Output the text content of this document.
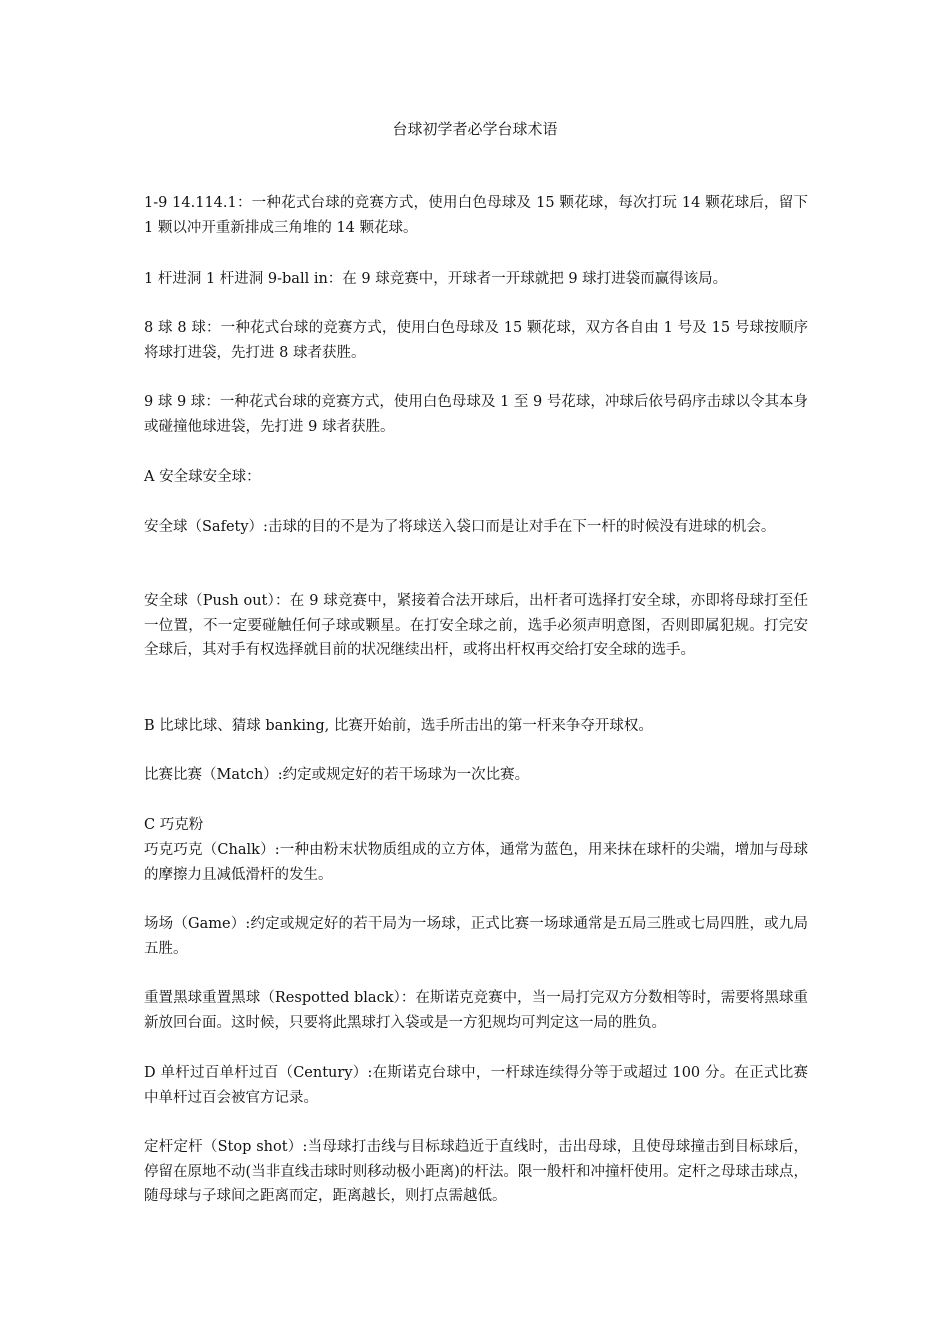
台球初学者必学台球术语

1-9 14.114.1：一种花式台球的竞赛方式，使用白色母球及 15 颗花球，每次打玩 14 颗花球后，留下 1 颗以冲开重新排成三角堆的 14 颗花球。

1 杆进洞 1 杆进洞 9-ball in：在 9 球竞赛中，开球者一开球就把 9 球打进袋而赢得该局。

8 球 8 球：一种花式台球的竞赛方式，使用白色母球及 15 颗花球，双方各自由 1 号及 15 号球按顺序将球打进袋，先打进 8 球者获胜。

9 球 9 球：一种花式台球的竞赛方式，使用白色母球及 1 至 9 号花球，冲球后依号码序击球以令其本身或碰撞他球进袋，先打进 9 球者获胜。

A 安全球安全球：

安全球（Safety）:击球的目的不是为了将球送入袋口而是让对手在下一杆的时候没有进球的机会。

安全球（Push out）：在 9 球竞赛中，紧接着合法开球后，出杆者可选择打安全球，亦即将母球打至任一位置，不一定要碰触任何子球或颗星。在打安全球之前，选手必须声明意图，否则即属犯规。打完安全球后，其对手有权选择就目前的状况继续出杆，或将出杆权再交给打安全球的选手。

B 比球比球、猜球 banking, 比赛开始前，选手所击出的第一杆来争夺开球权。

比赛比赛（Match）:约定或规定好的若干场球为一次比赛。

C 巧克粉

巧克巧克（Chalk）:一种由粉末状物质组成的立方体，通常为蓝色，用来抹在球杆的尖端，增加与母球的摩擦力且减低滑杆的发生。

场场（Game）:约定或规定好的若干局为一场球，正式比赛一场球通常是五局三胜或七局四胜，或九局五胜。

重置黑球重置黑球（Respotted black）：在斯诺克竞赛中，当一局打完双方分数相等时，需要将黑球重新放回台面。这时候，只要将此黑球打入袋或是一方犯规均可判定这一局的胜负。

D 单杆过百单杆过百（Century）:在斯诺克台球中，一杆球连续得分等于或超过 100 分。在正式比赛中单杆过百会被官方记录。

定杆定杆（Stop shot）:当母球打击线与目标球趋近于直线时，击出母球，且使母球撞击到目标球后，停留在原地不动(当非直线击球时则移动极小距离)的杆法。限一般杆和冲撞杆使用。定杆之母球击球点，随母球与子球间之距离而定，距离越长，则打点需越低。
